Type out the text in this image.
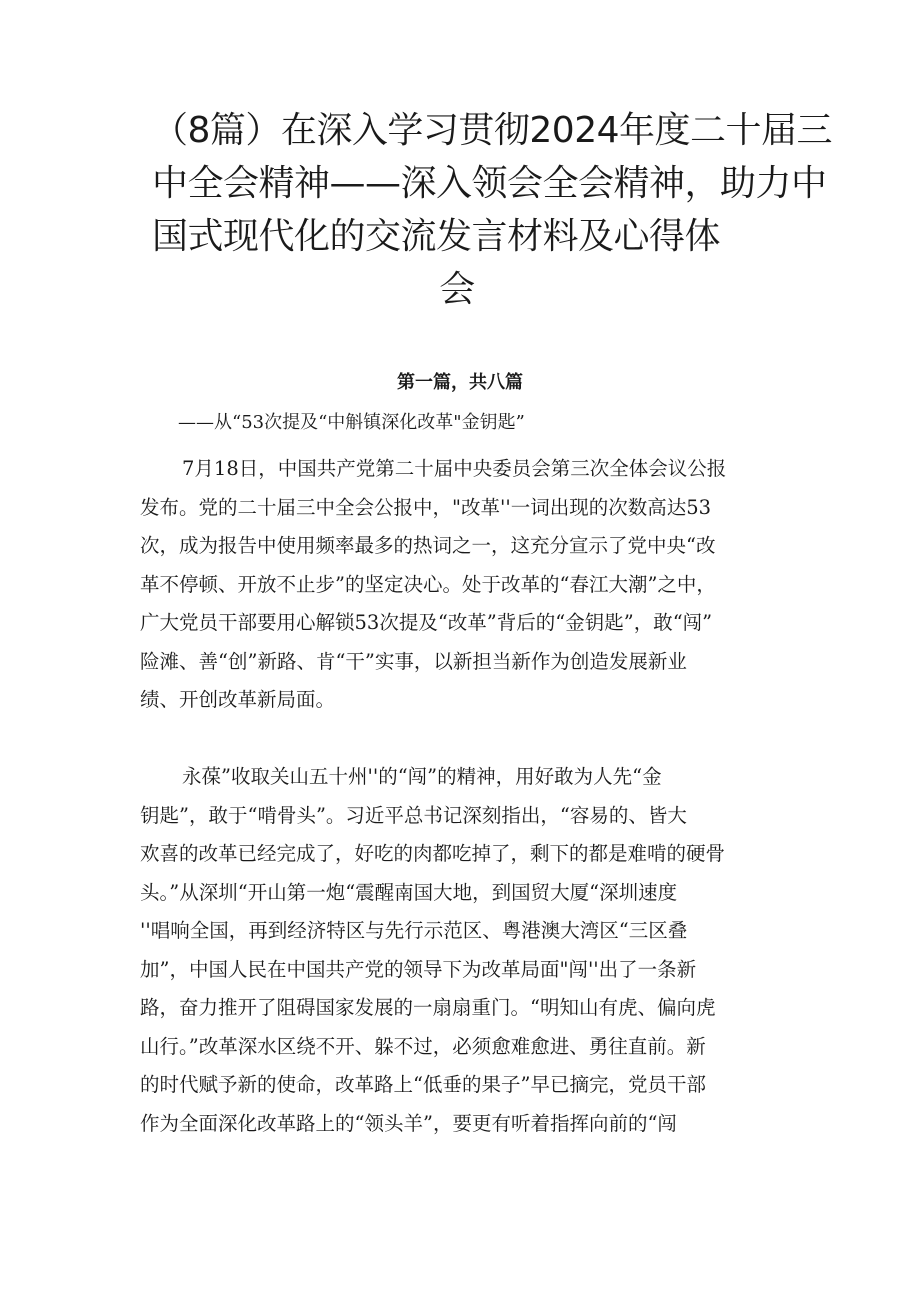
（8篇）在深入学习贯彻2024年度二十届三
中全会精神——深入领会全会精神，助力中
国式现代化的交流发言材料及心得体
会
第一篇，共八篇
——从“53次提及“中斛镇深化改革"金钥匙”
7月18日，中国共产党第二十届中央委员会第三次全体会议公报
发布。党的二十届三中全会公报中，"改革''一词出现的次数高达53
次，成为报告中使用频率最多的热词之一，这充分宣示了党中央“改
革不停顿、开放不止步”的坚定决心。处于改革的“春江大潮”之中，
广大党员干部要用心解锁53次提及“改革”背后的“金钥匙”，敢“闯”
险滩、善“创”新路、肯“干”实事，以新担当新作为创造发展新业
绩、开创改革新局面。
永葆”收取关山五十州''的“闯”的精神，用好敢为人先“金
钥匙”，敢于“啃骨头”。习近平总书记深刻指出，“容易的、皆大
欢喜的改革已经完成了，好吃的肉都吃掉了，剩下的都是难啃的硬骨
头。”从深圳“开山第一炮“震醒南国大地，到国贸大厦“深圳速度
''唱响全国，再到经济特区与先行示范区、粤港澳大湾区“三区叠
加”，中国人民在中国共产党的领导下为改革局面"闯''出了一条新
路，奋力推开了阻碍国家发展的一扇扇重门。“明知山有虎、偏向虎
山行。”改革深水区绕不开、躲不过，必须愈难愈进、勇往直前。新
的时代赋予新的使命，改革路上“低垂的果子”早已摘完，党员干部
作为全面深化改革路上的“领头羊”，要更有听着指挥向前的“闯
